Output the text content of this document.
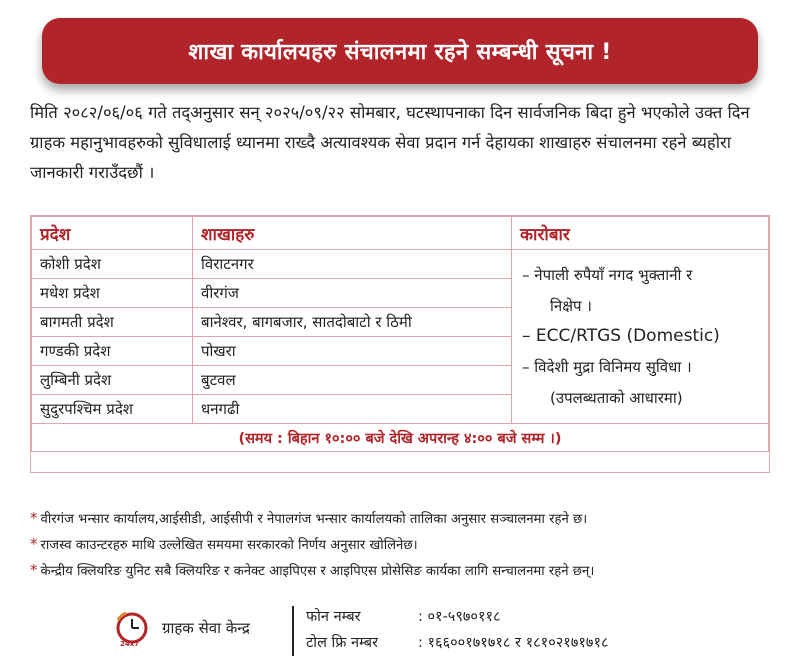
शाखा कार्यालयहरु संचालनमा रहने सम्बन्धी सूचना !

मिति २०८२/०६/०६ गते तद्अनुसार सन् २०२५/०९/२२ सोमबार, घटस्थापनाका दिन सार्वजनिक बिदा हुने भएकोले उक्त दिन ग्राहक महानुभावहरुको सुविधालाई ध्यानमा राख्दै अत्यावश्यक सेवा प्रदान गर्न देहायका शाखाहरु संचालनमा रहने ब्यहोरा जानकारी गराउँदछौं ।

प्रदेश	शाखाहरु	कारोबार
कोशी प्रदेश	विराटनगर	– नेपाली रुपैयाँ नगद भुक्तानी र
निक्षेप ।
– ECC/RTGS (Domestic)
– विदेशी मुद्रा विनिमय सुविधा ।
(उपलब्धताको आधारमा)

मधेश प्रदेश	वीरगंज	
बागमती प्रदेश	बानेश्वर, बागबजार, सातदोबाटो र ठिमी	
गण्डकी प्रदेश	पोखरा	
लुम्बिनी प्रदेश	बुटवल	
सुदुरपश्चिम प्रदेश	धनगढी	
(समय : बिहान १०:०० बजे देखि अपरान्ह ४:०० बजे सम्म ।)		
* वीरगंज भन्सार कार्यालय,आईसीडी, आईसीपी र नेपालगंज भन्सार कार्यालयको तालिका अनुसार सञ्चालनमा रहने छ।
* राजस्व काउन्टरहरु माथि उल्लेखित समयमा सरकारको निर्णय अनुसार खोलिनेछ।
* केन्द्रीय क्लियरिङ युनिट सबै क्लियरिङ र कनेक्ट आइपिएस र आइपिएस प्रोसेसिङ कार्यका लागि सन्चालनमा रहने छन्।
24x7
ग्राहक सेवा केन्द्र
फोन नम्बर	: ०१-५९७०११८
टोल फ्रि नम्बर	: १६६००१७१७१८ र १८१०२१७१७१८
